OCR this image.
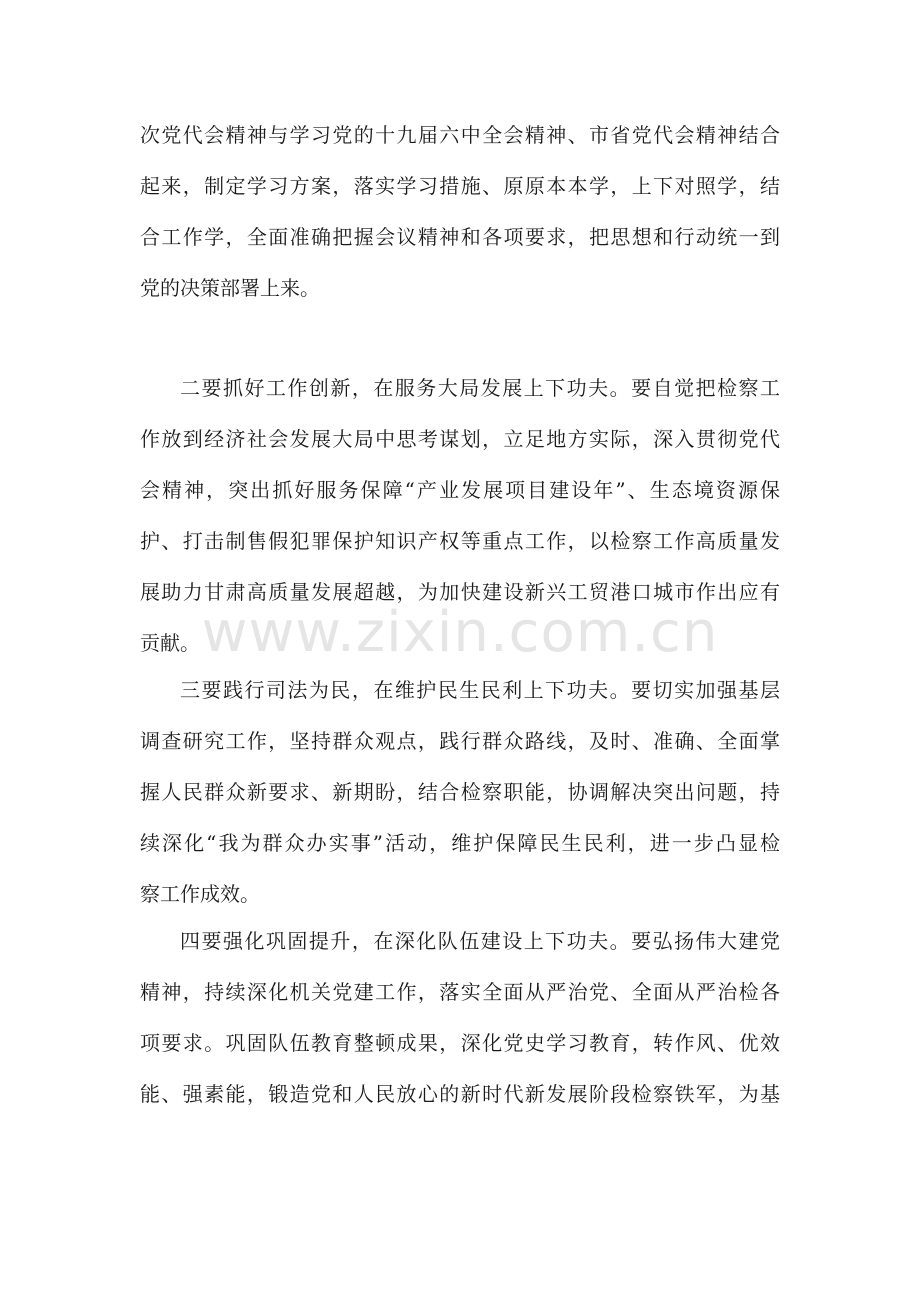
次党代会精神与学习党的十九届六中全会精神、市省党代会精神结合
起来，制定学习方案，落实学习措施、原原本本学，上下对照学，结
合工作学，全面准确把握会议精神和各项要求，把思想和行动统一到
党的决策部署上来。
二要抓好工作创新，在服务大局发展上下功夫。要自觉把检察工
作放到经济社会发展大局中思考谋划，立足地方实际，深入贯彻党代
会精神，突出抓好服务保障“产业发展项目建设年”、生态境资源保
护、打击制售假犯罪保护知识产权等重点工作，以检察工作高质量发
展助力甘肃高质量发展超越，为加快建设新兴工贸港口城市作出应有
贡献。
三要践行司法为民，在维护民生民利上下功夫。要切实加强基层
调查研究工作，坚持群众观点，践行群众路线，及时、准确、全面掌
握人民群众新要求、新期盼，结合检察职能，协调解决突出问题，持
续深化“我为群众办实事”活动，维护保障民生民利，进一步凸显检
察工作成效。
四要强化巩固提升，在深化队伍建设上下功夫。要弘扬伟大建党
精神，持续深化机关党建工作，落实全面从严治党、全面从严治检各
项要求。巩固队伍教育整顿成果，深化党史学习教育，转作风、优效
能、强素能，锻造党和人民放心的新时代新发展阶段检察铁军，为基
www.zixin.com.cn
